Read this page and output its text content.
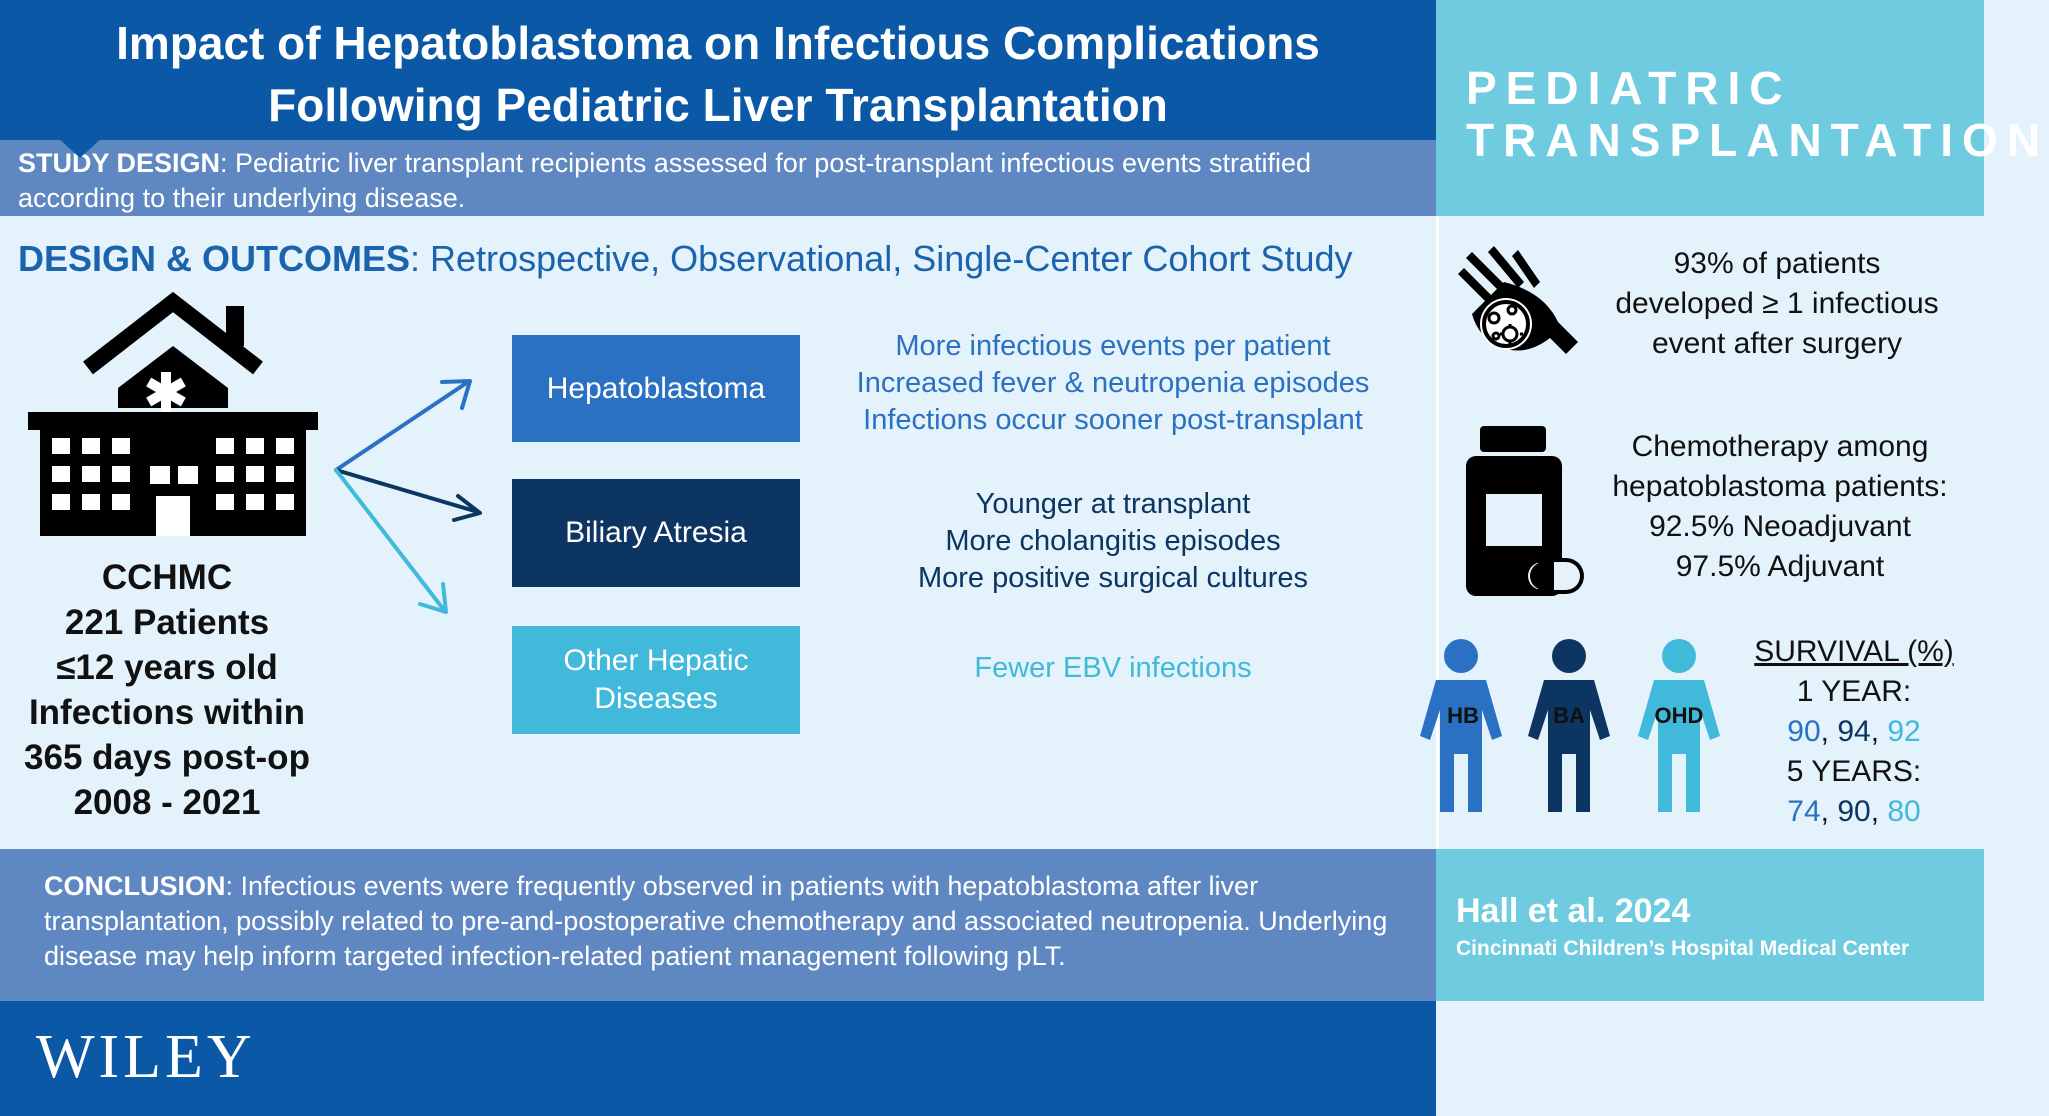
Impact of Hepatoblastoma on Infectious Complications
Following Pediatric Liver Transplantation	PEDIATRIC
TRANSPLANTATION
STUDY DESIGN: Pediatric liver transplant recipients assessed for post-transplant infectious events stratified according to their underlying disease.
DESIGN & OUTCOMES: Retrospective, Observational, Single-Center Cohort Study
CCHMC
221 Patients
≤12 years old
Infections within
365 days post-op
2008 - 2021
Hepatoblastoma
Biliary Atresia
Other Hepatic
Diseases
More infectious events per patient
Increased fever & neutropenia episodes
Infections occur sooner post-transplant
Younger at transplant
More cholangitis episodes
More positive surgical cultures
Fewer EBV infections
93% of patients
developed ≥ 1 infectious
event after surgery
Chemotherapy among
hepatoblastoma patients:
92.5% Neoadjuvant
97.5% Adjuvant
HB	BA	OHD
SURVIVAL (%)
1 YEAR:
90, 94, 92
5 YEARS:
74, 90, 80
CONCLUSION: Infectious events were frequently observed in patients with hepatoblastoma after liver transplantation, possibly related to pre-and-postoperative chemotherapy and associated neutropenia. Underlying disease may help inform targeted infection-related patient management following pLT.
Hall et al. 2024
Cincinnati Children’s Hospital Medical Center
WILEY
